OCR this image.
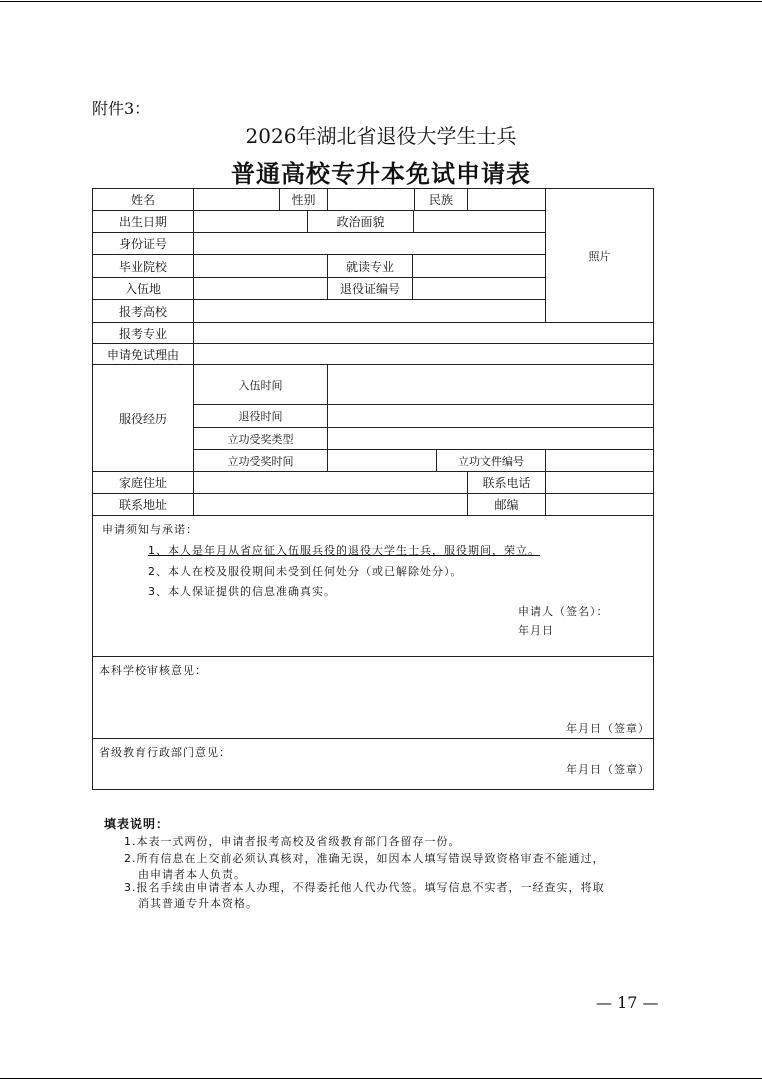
附件3：
2026年湖北省退役大学生士兵
普通高校专升本免试申请表
姓名	性别	民族
照片
出生日期	政治面貌
身份证号
毕业院校	就读专业
入伍地	退役证编号
报考高校
报考专业
申请免试理由
服役经历
入伍时间
退役时间
立功受奖类型
立功受奖时间	立功文件编号
家庭住址	联系电话
联系地址	邮编
申请须知与承诺：
1、本人是年月从省应征入伍服兵役的退役大学生士兵，服役期间，荣立。
2、本人在校及服役期间未受到任何处分（或已解除处分）。
3、本人保证提供的信息准确真实。
申请人（签名）：
年月日
本科学校审核意见：
年月日（签章）
省级教育行政部门意见：
年月日（签章）
填表说明：
1.本表一式两份，申请者报考高校及省级教育部门各留存一份。
2.所有信息在上交前必须认真核对，准确无误，如因本人填写错误导致资格审查不能通过，
由申请者本人负责。
3.报名手续由申请者本人办理，不得委托他人代办代签。填写信息不实者，一经查实，将取
消其普通专升本资格。
— 17 —
